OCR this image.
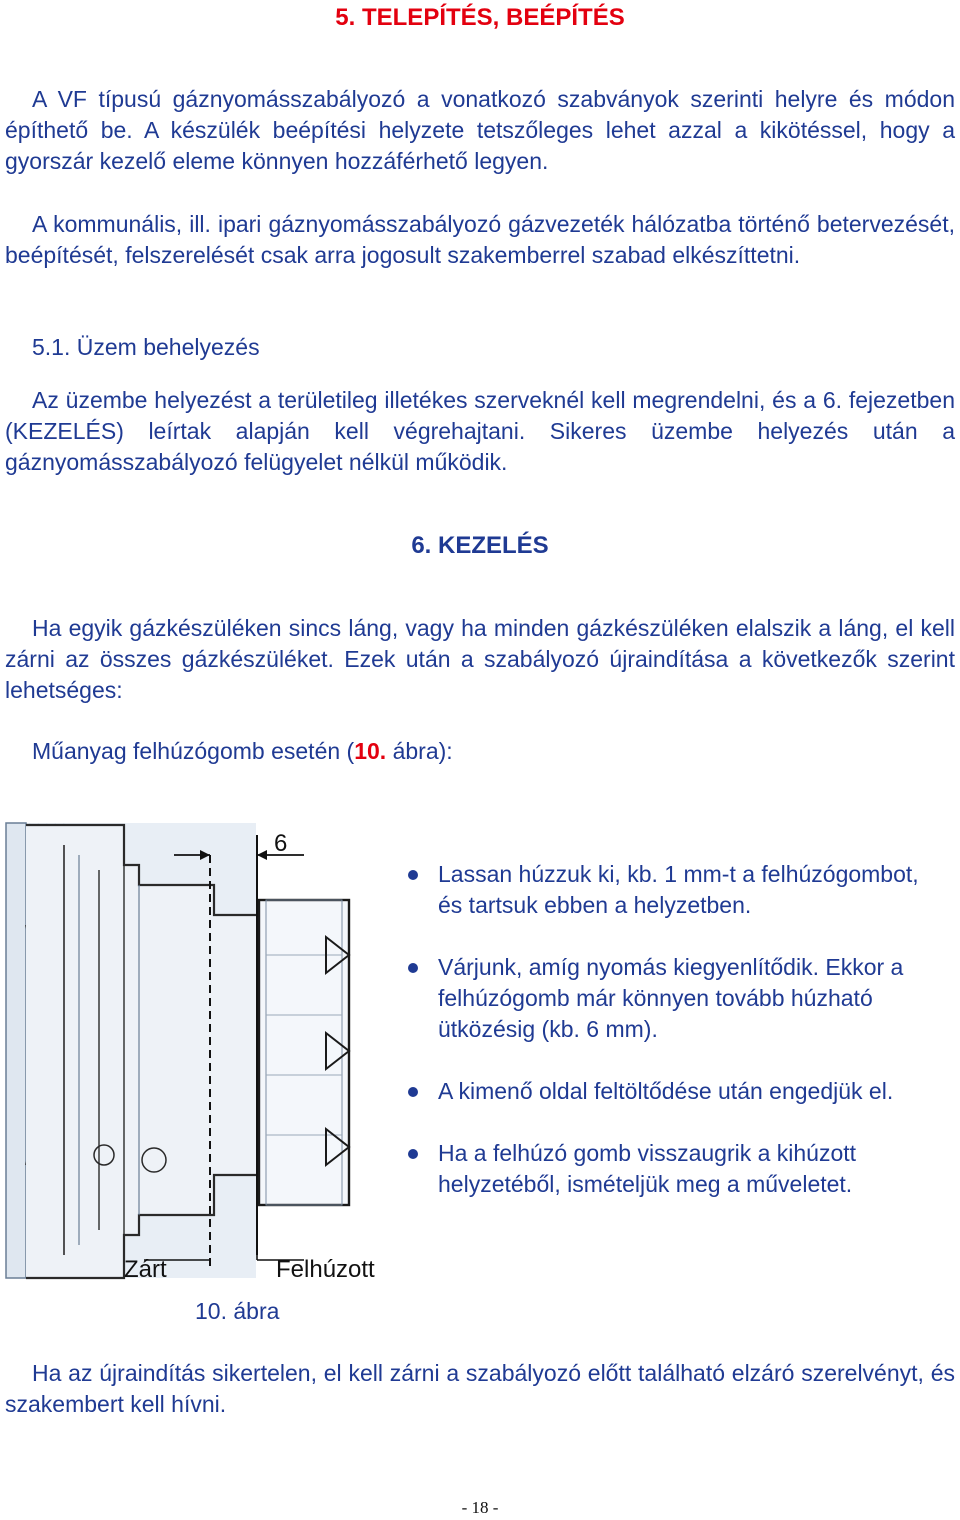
5. TELEPÍTÉS, BEÉPÍTÉS

A VF típusú gáznyomásszabályozó a vonatkozó szabványok szerinti helyre és módon építhető be. A készülék beépítési helyzete tetszőleges lehet azzal a kikötéssel, hogy a gyorszár kezelő eleme könnyen hozzáférhető legyen.

A kommunális, ill. ipari gáznyomásszabályozó gázvezeték hálózatba történő betervezését, beépítését, felszerelését csak arra jogosult szakemberrel szabad elkészíttetni.

5.1. Üzem behelyezés

Az üzembe helyezést a területileg illetékes szerveknél kell megrendelni, és a 6. fejezetben (KEZELÉS) leírtak alapján kell végrehajtani. Sikeres üzembe helyezés után a gáznyomásszabályozó felügyelet nélkül működik.

6. KEZELÉS

Ha egyik gázkészüléken sincs láng, vagy ha minden gázkészüléken elalszik a láng, el kell zárni az összes gázkészüléket. Ezek után a szabályozó újraindítása a következők szerint lehetséges:

Műanyag felhúzógomb esetén (10. ábra):

6
Zárt	Felhúzott

10. ábra

Lassan húzzuk ki, kb. 1 mm-t a felhúzógombot, és tartsuk ebben a helyzetben.
Várjunk, amíg nyomás kiegyenlítődik. Ekkor a felhúzógomb már könnyen tovább húzható ütközésig (kb. 6 mm).
A kimenő oldal feltöltődése után engedjük el.
Ha a felhúzó gomb visszaugrik a kihúzott helyzetéből, ismételjük meg a műveletet.

Ha az újraindítás sikertelen, el kell zárni a szabályozó előtt található elzáró szerelvényt, és szakembert kell hívni.

- 18 -
